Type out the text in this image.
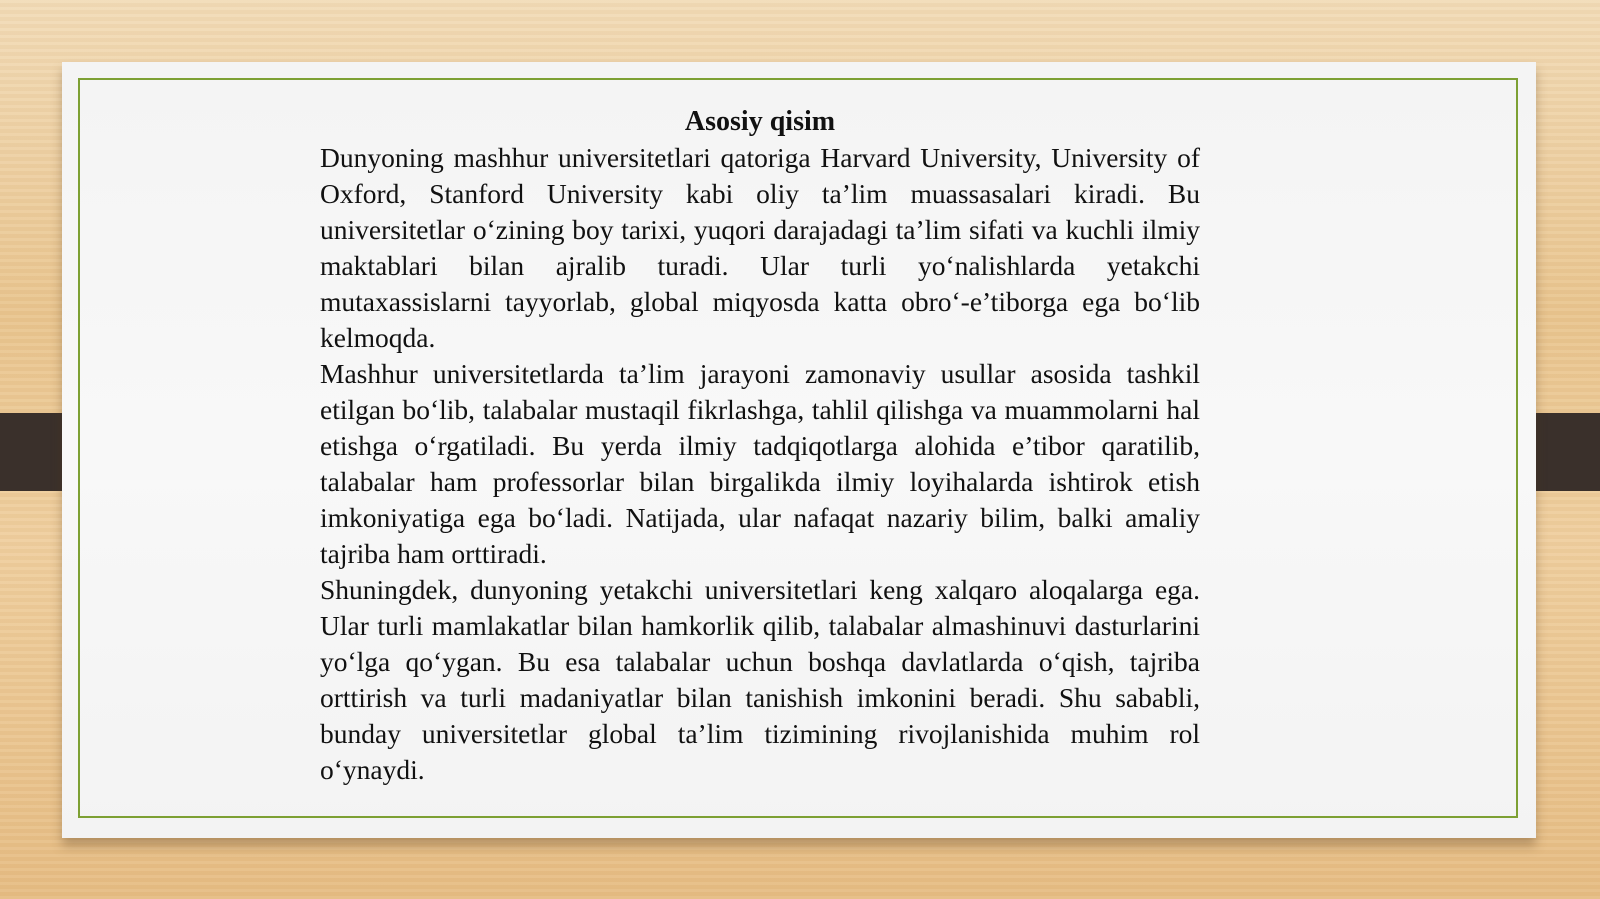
Asosiy qisim

Dunyoning mashhur universitetlari qatoriga Harvard University, University of Oxford, Stanford University kabi oliy ta’lim muassasalari kiradi. Bu universitetlar o‘zining boy tarixi, yuqori darajadagi ta’lim sifati va kuchli ilmiy maktablari bilan ajralib turadi. Ular turli yo‘nalishlarda yetakchi mutaxassislarni tayyorlab, global miqyosda katta obro‘-e’tiborga ega bo‘lib kelmoqda.

Mashhur universitetlarda ta’lim jarayoni zamonaviy usullar asosida tashkil etilgan bo‘lib, talabalar mustaqil fikrlashga, tahlil qilishga va muammolarni hal etishga o‘rgatiladi. Bu yerda ilmiy tadqiqotlarga alohida e’tibor qaratilib, talabalar ham professorlar bilan birgalikda ilmiy loyihalarda ishtirok etish imkoniyatiga ega bo‘ladi. Natijada, ular nafaqat nazariy bilim, balki amaliy tajriba ham orttiradi.

Shuningdek, dunyoning yetakchi universitetlari keng xalqaro aloqalarga ega. Ular turli mamlakatlar bilan hamkorlik qilib, talabalar almashinuvi dasturlarini yo‘lga qo‘ygan. Bu esa talabalar uchun boshqa davlatlarda o‘qish, tajriba orttirish va turli madaniyatlar bilan tanishish imkonini beradi. Shu sababli, bunday universitetlar global ta’lim tizimining rivojlanishida muhim rol o‘ynaydi.
